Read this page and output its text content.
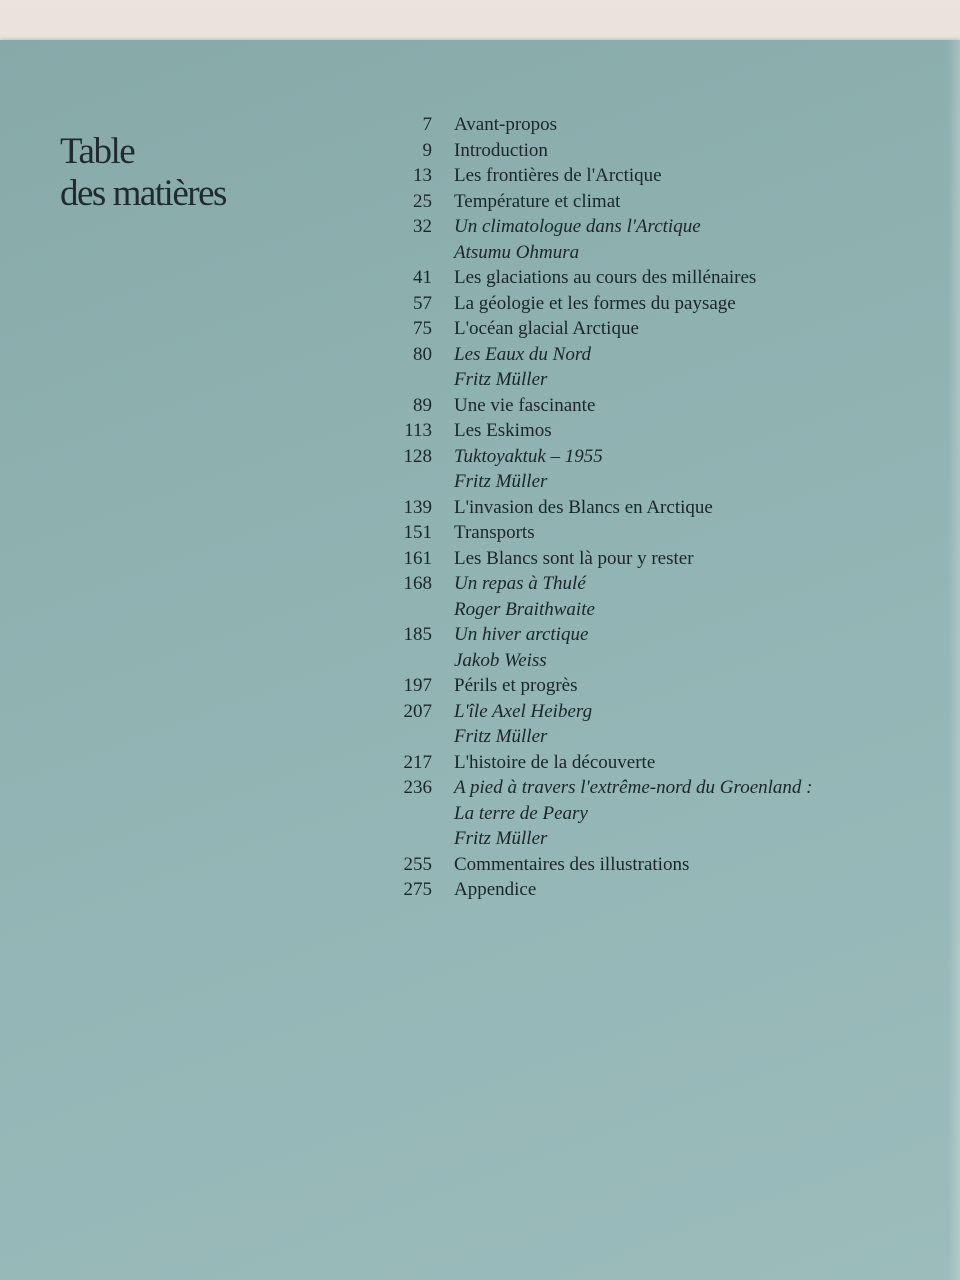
Table
des matières
7 Avant-propos
9 Introduction
13 Les frontières de l'Arctique
25 Température et climat
32 Un climatologue dans l'Arctique
Atsumu Ohmura
41 Les glaciations au cours des millénaires
57 La géologie et les formes du paysage
75 L'océan glacial Arctique
80 Les Eaux du Nord
Fritz Müller
89 Une vie fascinante
113 Les Eskimos
128 Tuktoyaktuk – 1955
Fritz Müller
139 L'invasion des Blancs en Arctique
151 Transports
161 Les Blancs sont là pour y rester
168 Un repas à Thulé
Roger Braithwaite
185 Un hiver arctique
Jakob Weiss
197 Périls et progrès
207 L'île Axel Heiberg
Fritz Müller
217 L'histoire de la découverte
236 A pied à travers l'extrême-nord du Groenland :
La terre de Peary
Fritz Müller
255 Commentaires des illustrations
275 Appendice
